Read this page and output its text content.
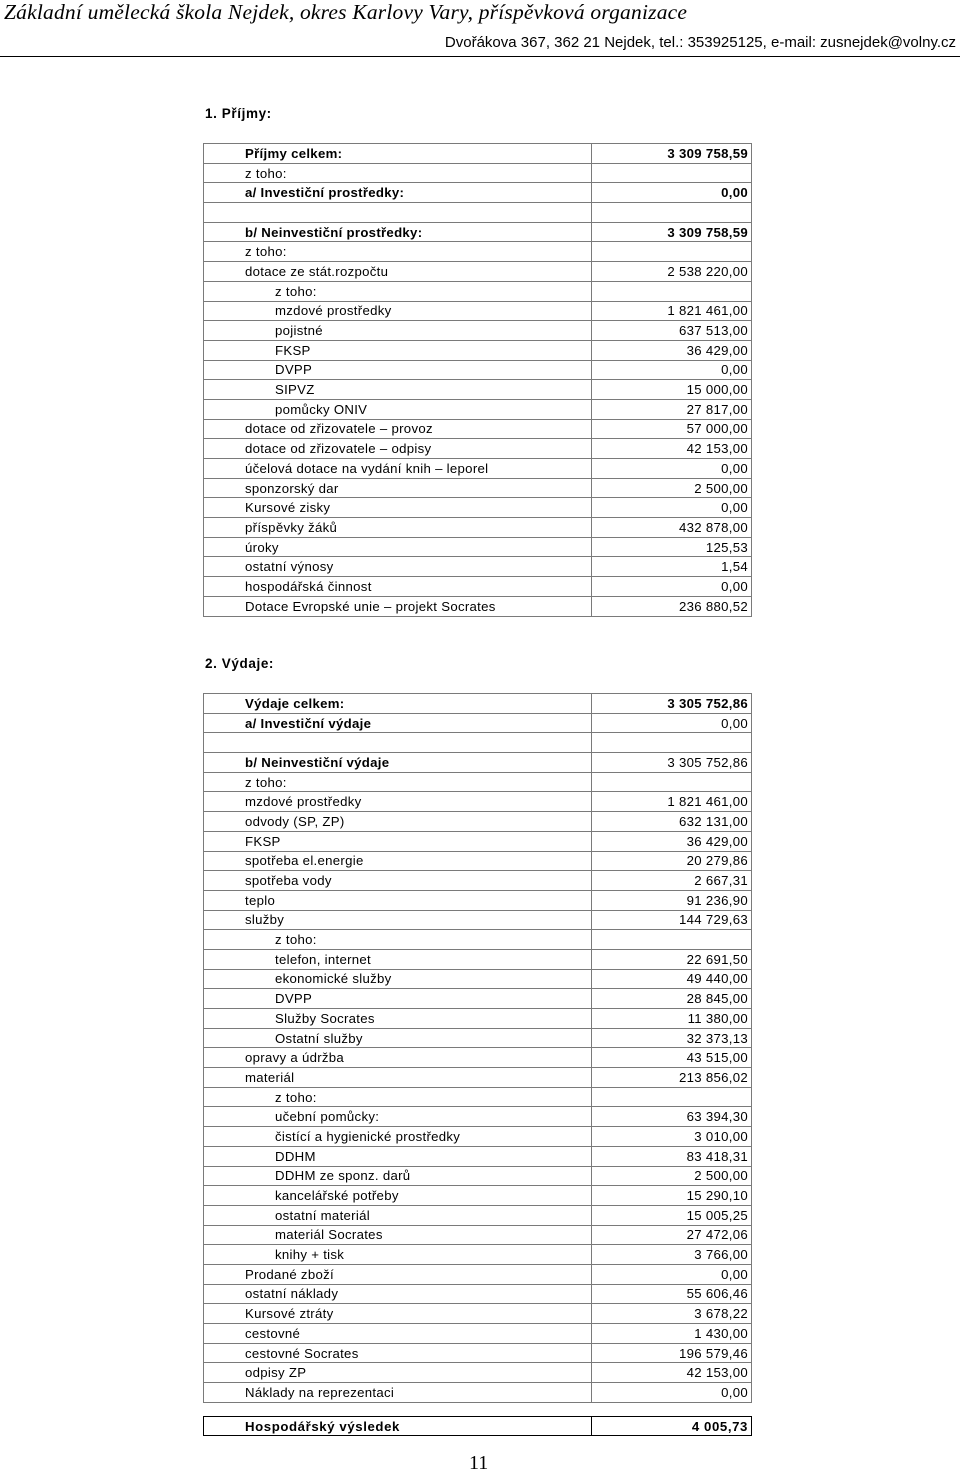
Základní umělecká škola Nejdek, okres Karlovy Vary, příspěvková organizace
Dvořákova 367, 362 21 Nejdek, tel.: 353925125, e-mail: zusnejdek@volny.cz
1. Příjmy:
Příjmy celkem:	3 309 758,59
z toho:	
a/ Investiční prostředky:	0,00

b/ Neinvestiční prostředky:	3 309 758,59
z toho:	
dotace ze stát.rozpočtu	2 538 220,00
z toho:	
mzdové prostředky	1 821 461,00
pojistné	637 513,00
FKSP	36 429,00
DVPP	0,00
SIPVZ	15 000,00
pomůcky ONIV	27 817,00
dotace od zřizovatele – provoz	57 000,00
dotace od zřizovatele – odpisy	42 153,00
účelová dotace na vydání knih – leporel	0,00
sponzorský dar	2 500,00
Kursové zisky	0,00
příspěvky žáků	432 878,00
úroky	125,53
ostatní výnosy	1,54
hospodářská činnost	0,00
Dotace Evropské unie – projekt Socrates	236 880,52
2. Výdaje:
Výdaje celkem:	3 305 752,86
a/ Investiční výdaje	0,00

b/ Neinvestiční výdaje	3 305 752,86
z toho:	
mzdové prostředky	1 821 461,00
odvody (SP, ZP)	632 131,00
FKSP	36 429,00
spotřeba el.energie	20 279,86
spotřeba vody	2 667,31
teplo	91 236,90
služby	144 729,63
z toho:	
telefon, internet	22 691,50
ekonomické služby	49 440,00
DVPP	28 845,00
Služby Socrates	11 380,00
Ostatní služby	32 373,13
opravy a údržba	43 515,00
materiál	213 856,02
z toho:	
učební pomůcky:	63 394,30
čistící a hygienické prostředky	3 010,00
DDHM	83 418,31
DDHM ze sponz. darů	2 500,00
kancelářské potřeby	15 290,10
ostatní materiál	15 005,25
materiál Socrates	27 472,06
knihy + tisk	3 766,00
Prodané zboží	0,00
ostatní náklady	55 606,46
Kursové ztráty	3 678,22
cestovné	1 430,00
cestovné Socrates	196 579,46
odpisy ZP	42 153,00
Náklady na reprezentaci	0,00
Hospodářský výsledek	4 005,73
11
